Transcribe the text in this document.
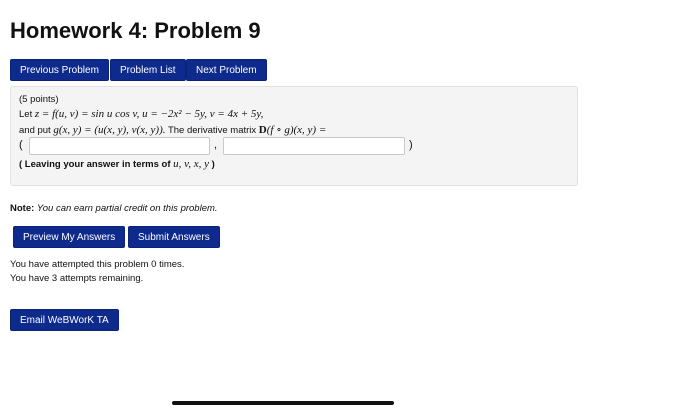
Homework 4: Problem 9
Previous Problem	Problem List	Next Problem
(5 points)
Let z = f(u, v) = sin u cos v, u = −2x² − 5y, v = 4x + 5y,
and put g(x, y) = (u(x, y), v(x, y)). The derivative matrix D(f ∘ g)(x, y) =
(	,	)
( Leaving your answer in terms of u, v, x, y )
Note: You can earn partial credit on this problem.
Preview My Answers	Submit Answers
You have attempted this problem 0 times.
You have 3 attempts remaining.
Email WeBWorK TA
